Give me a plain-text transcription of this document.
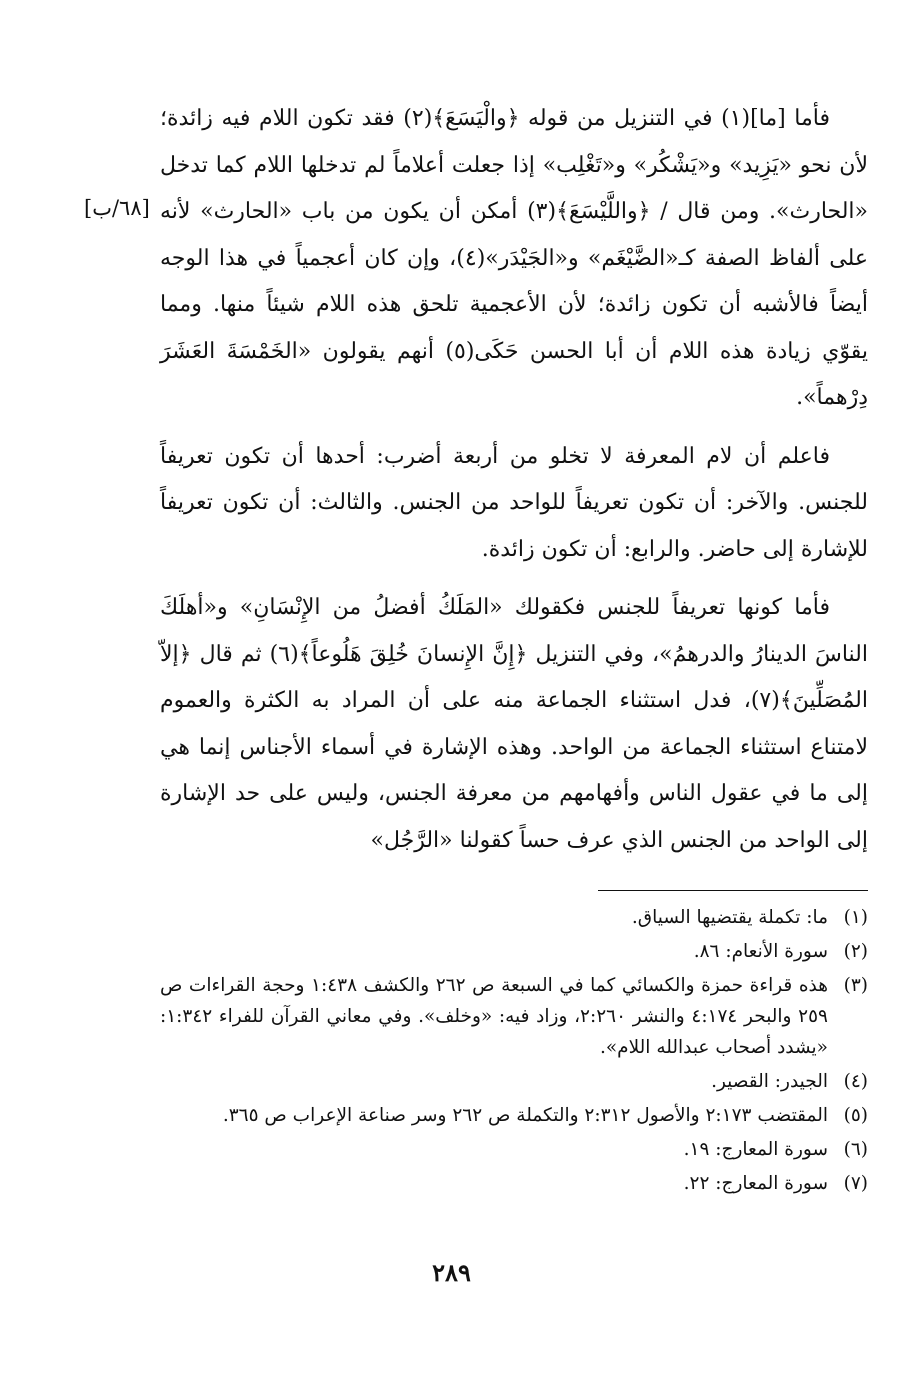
[٦٨/ب]

فأما [ما](١) في التنزيل من قوله ﴿والْيَسَعَ﴾(٢) فقد تكون اللام فيه زائدة؛ لأن نحو «يَزِيد» و«يَشْكُر» و«تَغْلِب» إذا جعلت أعلاماً لم تدخلها اللام كما تدخل «الحارث». ومن قال / ﴿واللَّيْسَعَ﴾(٣) أمكن أن يكون من باب «الحارث» لأنه على ألفاظ الصفة كـ«الضَّيْغَم» و«الجَيْدَر»(٤)، وإن كان أعجمياً في هذا الوجه أيضاً فالأشبه أن تكون زائدة؛ لأن الأعجمية تلحق هذه اللام شيئاً منها. ومما يقوّي زيادة هذه اللام أن أبا الحسن حَكَى(٥) أنهم يقولون «الخَمْسَةَ العَشَرَ دِرْهماً».

فاعلم أن لام المعرفة لا تخلو من أربعة أضرب: أحدها أن تكون تعريفاً للجنس. والآخر: أن تكون تعريفاً للواحد من الجنس. والثالث: أن تكون تعريفاً للإشارة إلى حاضر. والرابع: أن تكون زائدة.

فأما كونها تعريفاً للجنس فكقولك «المَلَكُ أفضلُ من الإِنْسَانِ» و«أهلَكَ الناسَ الدينارُ والدرهمُ»، وفي التنزيل ﴿إِنَّ الإِنسانَ خُلِقَ هَلُوعاً﴾(٦) ثم قال ﴿إلاّ المُصَلِّينَ﴾(٧)، فدل استثناء الجماعة منه على أن المراد به الكثرة والعموم لامتناع استثناء الجماعة من الواحد. وهذه الإشارة في أسماء الأجناس إنما هي إلى ما في عقول الناس وأفهامهم من معرفة الجنس، وليس على حد الإشارة إلى الواحد من الجنس الذي عرف حساً كقولنا «الرَّجُل»

(١)
ما: تكملة يقتضيها السياق.
(٢)
سورة الأنعام: ٨٦.
(٣)
هذه قراءة حمزة والكسائي كما في السبعة ص ٢٦٢ والكشف ١:٤٣٨ وحجة القراءات ص ٢٥٩ والبحر ٤:١٧٤ والنشر ٢:٢٦٠، وزاد فيه: «وخلف». وفي معاني القرآن للفراء ١:٣٤٢: «يشدد أصحاب عبدالله اللام».
(٤)
الجيدر: القصير.
(٥)
المقتضب ٢:١٧٣ والأصول ٢:٣١٢ والتكملة ص ٢٦٢ وسر صناعة الإعراب ص ٣٦٥.
(٦)
سورة المعارج: ١٩.
(٧)
سورة المعارج: ٢٢.
٢٨٩
